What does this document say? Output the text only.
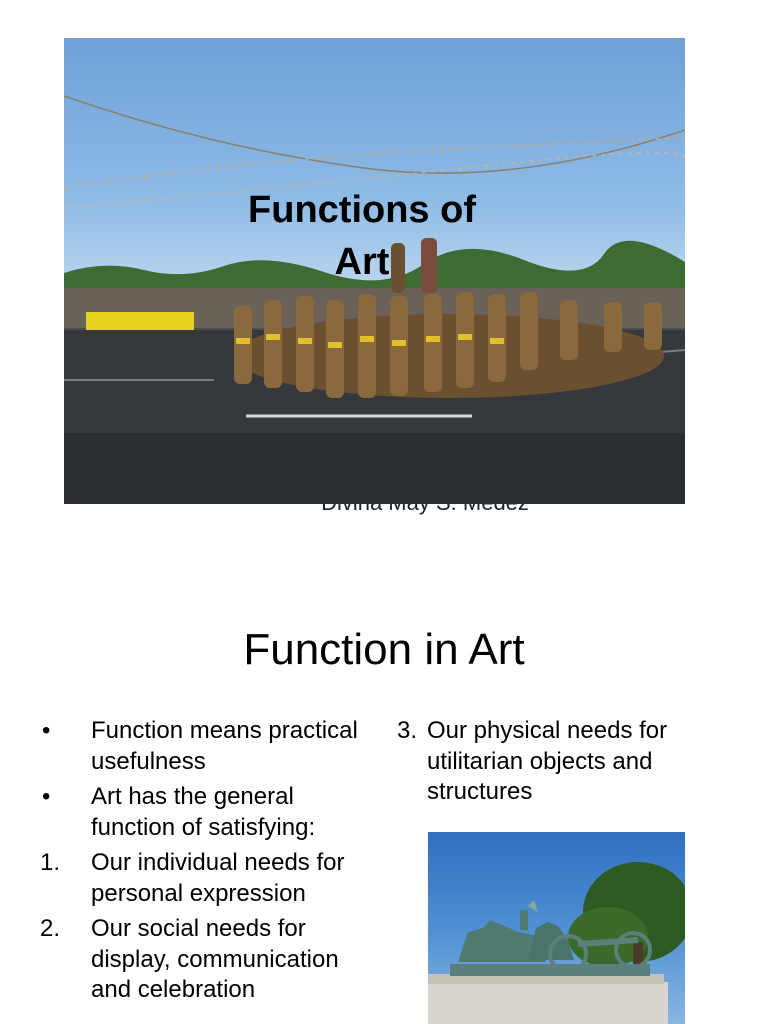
Functions of Art
Function in Art
•	Function means practical usefulness
•	Art has the general function of satisfying:
1.	Our individual needs for personal expression
2.	Our social needs for display, communication and celebration
3. Our physical needs for utilitarian objects and structures
